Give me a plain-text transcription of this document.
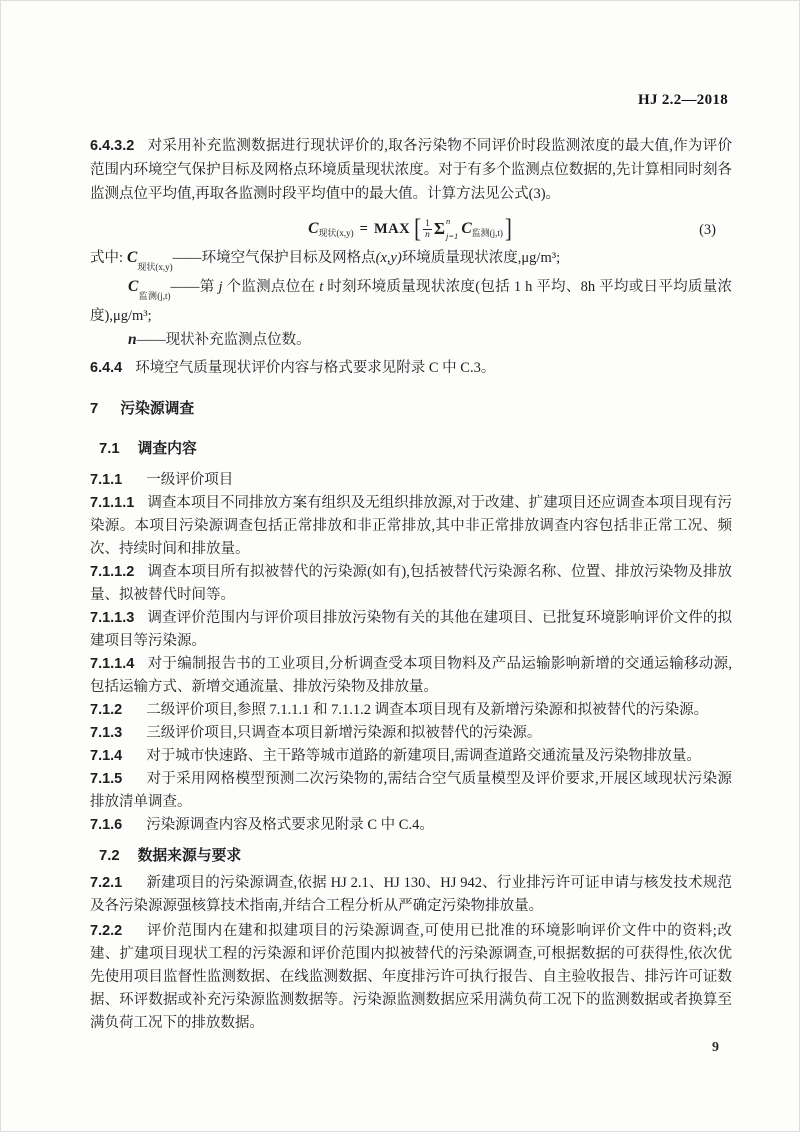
HJ 2.2—2018

6.4.3.2 对采用补充监测数据进行现状评价的,取各污染物不同评价时段监测浓度的最大值,作为评价范围内环境空气保护目标及网格点环境质量现状浓度。对于有多个监测点位数据的,先计算相同时刻各监测点位平均值,再取各监测时段平均值中的最大值。计算方法见公式(3)。

C 现状(x,y) = MAX [ 1
n Σ n
j=1 C 监测(j,t) ]	(3)

式中: $C_{现状(x,y)}——$环境空气保护目标及网格点(x,y)环境质量现状浓度,μg/m³;

$C_{监测(j,t)}——$第 j 个监测点位在 t 时刻环境质量现状浓度(包括 1 h 平均、8h 平均或日平均质量浓度),μg/m³;

n——现状补充监测点位数。

6.4.4 环境空气质量现状评价内容与格式要求见附录 C 中 C.3。

7 污染源调查

7.1 调查内容

7.1.1 一级评价项目

7.1.1.1 调查本项目不同排放方案有组织及无组织排放源,对于改建、扩建项目还应调查本项目现有污染源。本项目污染源调查包括正常排放和非正常排放,其中非正常排放调查内容包括非正常工况、频次、持续时间和排放量。

7.1.1.2 调查本项目所有拟被替代的污染源(如有),包括被替代污染源名称、位置、排放污染物及排放量、拟被替代时间等。

7.1.1.3 调查评价范围内与评价项目排放污染物有关的其他在建项目、已批复环境影响评价文件的拟建项目等污染源。

7.1.1.4 对于编制报告书的工业项目,分析调查受本项目物料及产品运输影响新增的交通运输移动源,包括运输方式、新增交通流量、排放污染物及排放量。

7.1.2 二级评价项目,参照 7.1.1.1 和 7.1.1.2 调查本项目现有及新增污染源和拟被替代的污染源。

7.1.3 三级评价项目,只调查本项目新增污染源和拟被替代的污染源。

7.1.4 对于城市快速路、主干路等城市道路的新建项目,需调查道路交通流量及污染物排放量。

7.1.5 对于采用网格模型预测二次污染物的,需结合空气质量模型及评价要求,开展区域现状污染源排放清单调查。

7.1.6 污染源调查内容及格式要求见附录 C 中 C.4。

7.2 数据来源与要求

7.2.1 新建项目的污染源调查,依据 HJ 2.1、HJ 130、HJ 942、行业排污许可证申请与核发技术规范及各污染源源强核算技术指南,并结合工程分析从严确定污染物排放量。

7.2.2 评价范围内在建和拟建项目的污染源调查,可使用已批准的环境影响评价文件中的资料;改建、扩建项目现状工程的污染源和评价范围内拟被替代的污染源调查,可根据数据的可获得性,依次优先使用项目监督性监测数据、在线监测数据、年度排污许可执行报告、自主验收报告、排污许可证数据、环评数据或补充污染源监测数据等。污染源监测数据应采用满负荷工况下的监测数据或者换算至满负荷工况下的排放数据。

9
